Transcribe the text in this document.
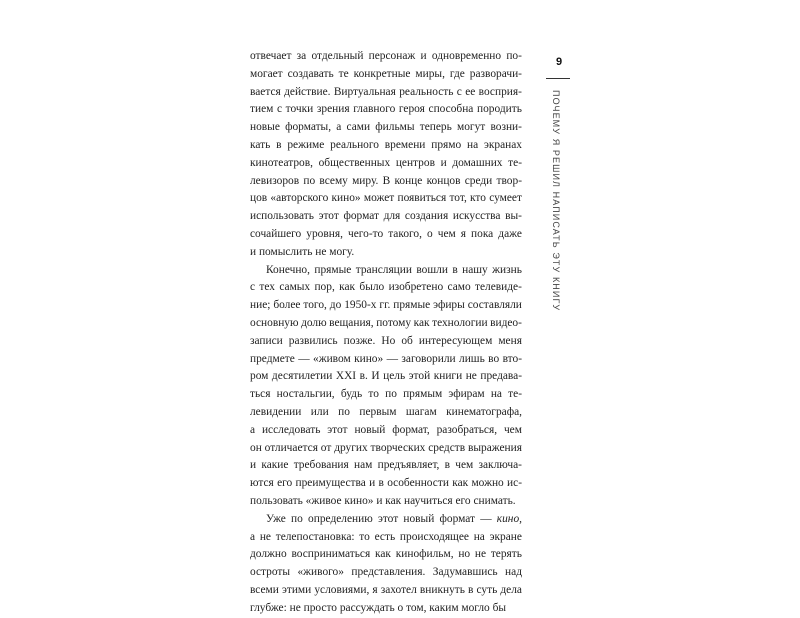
отвечает за отдельный персонаж и одновременно по-
могает создавать те конкретные миры, где разворачи-
вается действие. Виртуальная реальность с ее восприя-
тием с точки зрения главного героя способна породить
новые форматы, а сами фильмы теперь могут возни-
кать в режиме реального времени прямо на экранах
кинотеатров, общественных центров и домашних те-
левизоров по всему миру. В конце концов среди твор-
цов «авторского кино» может появиться тот, кто сумеет
использовать этот формат для создания искусства вы-
сочайшего уровня, чего-то такого, о чем я пока даже
и помыслить не могу.
Конечно, прямые трансляции вошли в нашу жизнь
с тех самых пор, как было изобретено само телевиде-
ние; более того, до 1950-х гг. прямые эфиры составляли
основную долю вещания, потому как технологии видео-
записи развились позже. Но об интересующем меня
предмете — «живом кино» — заговорили лишь во вто-
ром десятилетии XXI в. И цель этой книги не предава-
ться ностальгии, будь то по прямым эфирам на те-
левидении или по первым шагам кинематографа,
а исследовать этот новый формат, разобраться, чем
он отличается от других творческих средств выражения
и какие требования нам предъявляет, в чем заключа-
ются его преимущества и в особенности как можно ис-
пользовать «живое кино» и как научиться его снимать.
Уже по определению этот новый формат — кино,
а не телепостановка: то есть происходящее на экране
должно восприниматься как кинофильм, но не терять
остроты «живого» представления. Задумавшись над
всеми этими условиями, я захотел вникнуть в суть дела
глубже: не просто рассуждать о том, каким могло бы
9
ПОЧЕМУ Я РЕШИЛ НАПИСАТЬ ЭТУ КНИГУ
